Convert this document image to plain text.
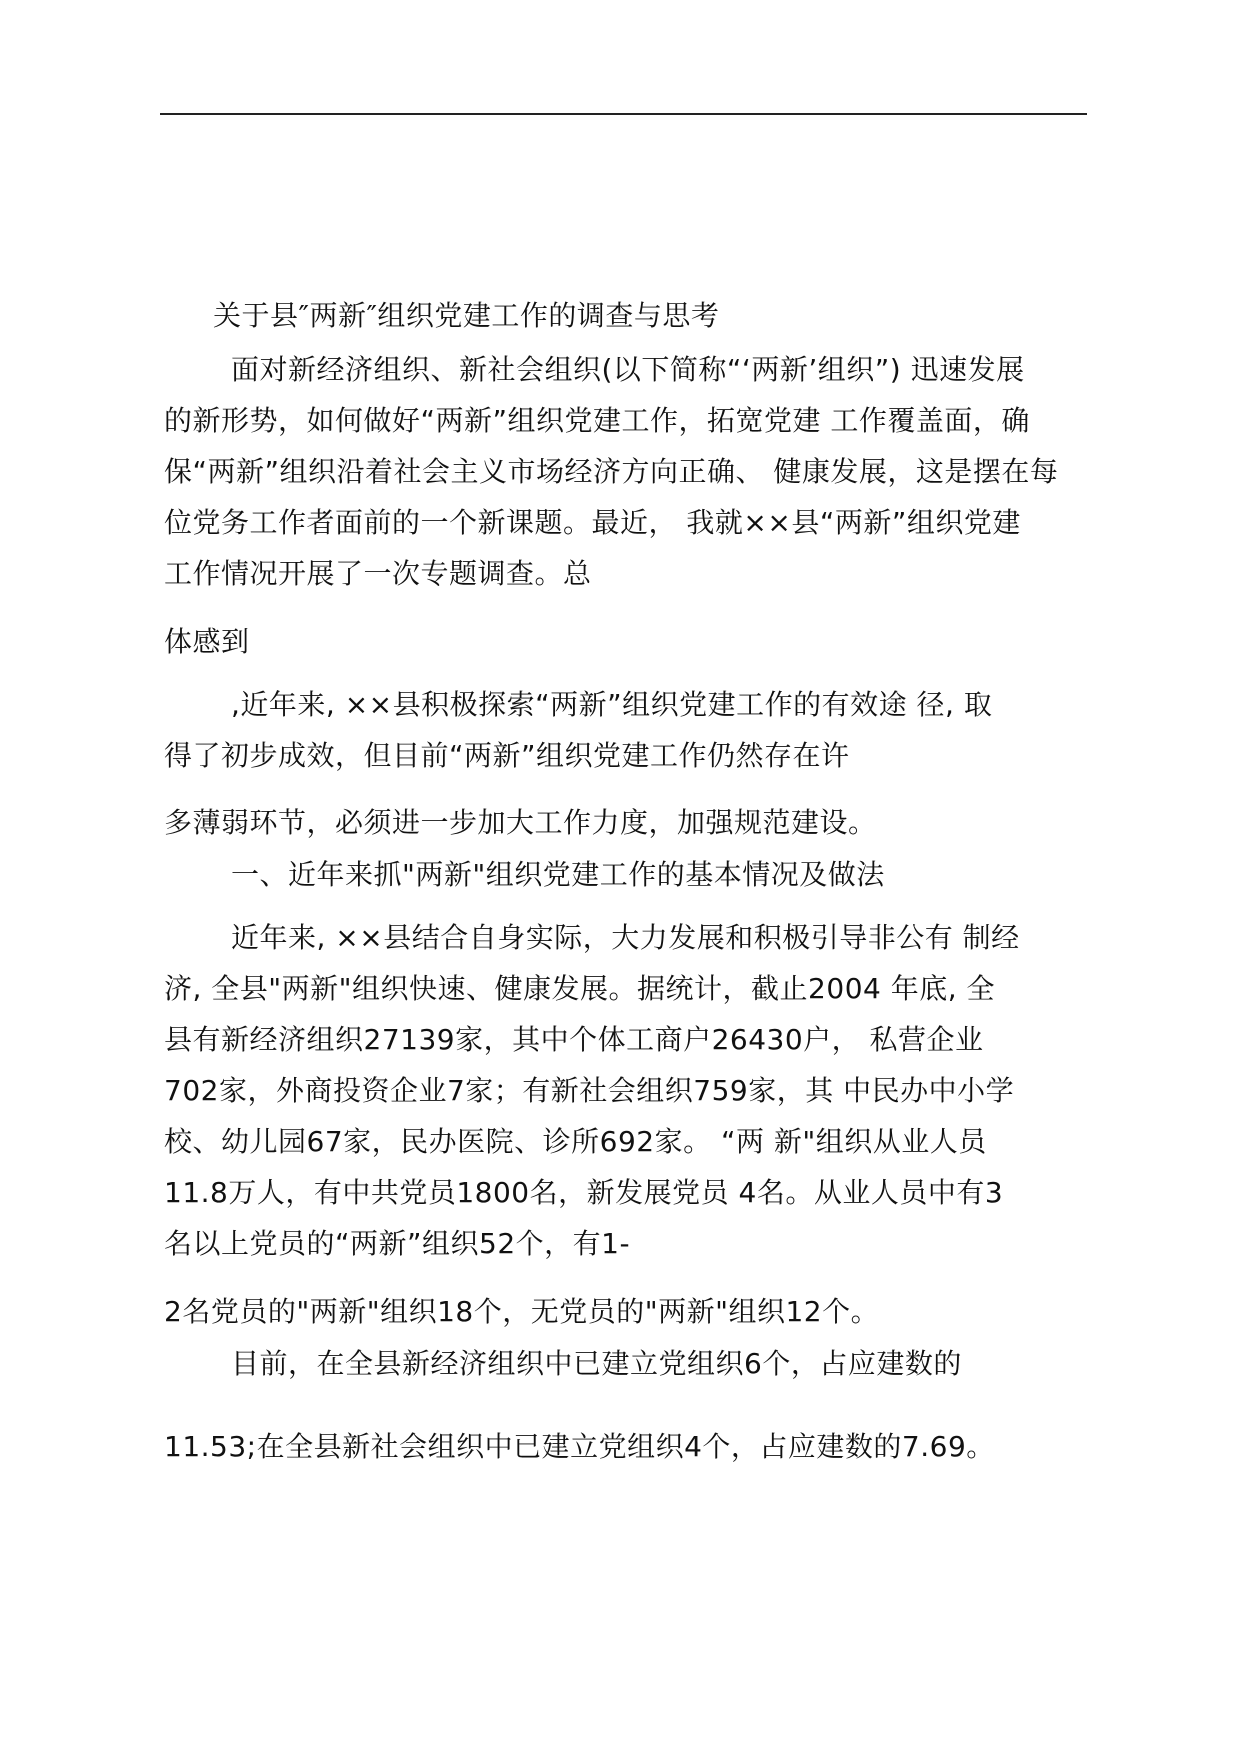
关于县″两新″组织党建工作的调查与思考
面对新经济组织、新社会组织(以下简称“‘两新’组织”) 迅速发展
的新形势，如何做好“两新”组织党建工作，拓宽党建 工作覆盖面，确
保“两新”组织沿着社会主义市场经济方向正确、 健康发展，这是摆在每
位党务工作者面前的一个新课题。最近， 我就××县“两新”组织党建
工作情况开展了一次专题调查。总
体感到
,近年来, ××县积极探索“两新”组织党建工作的有效途 径, 取
得了初步成效，但目前“两新”组织党建工作仍然存在许
多薄弱环节，必须进一步加大工作力度，加强规范建设。
一、近年来抓"两新"组织党建工作的基本情况及做法
近年来, ××县结合自身实际，大力发展和积极引导非公有 制经
济, 全县"两新"组织快速、健康发展。据统计，截止2004 年底, 全
县有新经济组织27139家，其中个体工商户26430户， 私营企业
702家，外商投资企业7家；有新社会组织759家，其 中民办中小学
校、幼儿园67家，民办医院、诊所692家。 “两 新"组织从业人员
11.8万人，有中共党员1800名，新发展党员 4名。从业人员中有3
名以上党员的“两新”组织52个，有1-
2名党员的"两新"组织18个，无党员的"两新"组织12个。
目前，在全县新经济组织中已建立党组织6个，占应建数的
11.53;在全县新社会组织中已建立党组织4个，占应建数的7.69。
